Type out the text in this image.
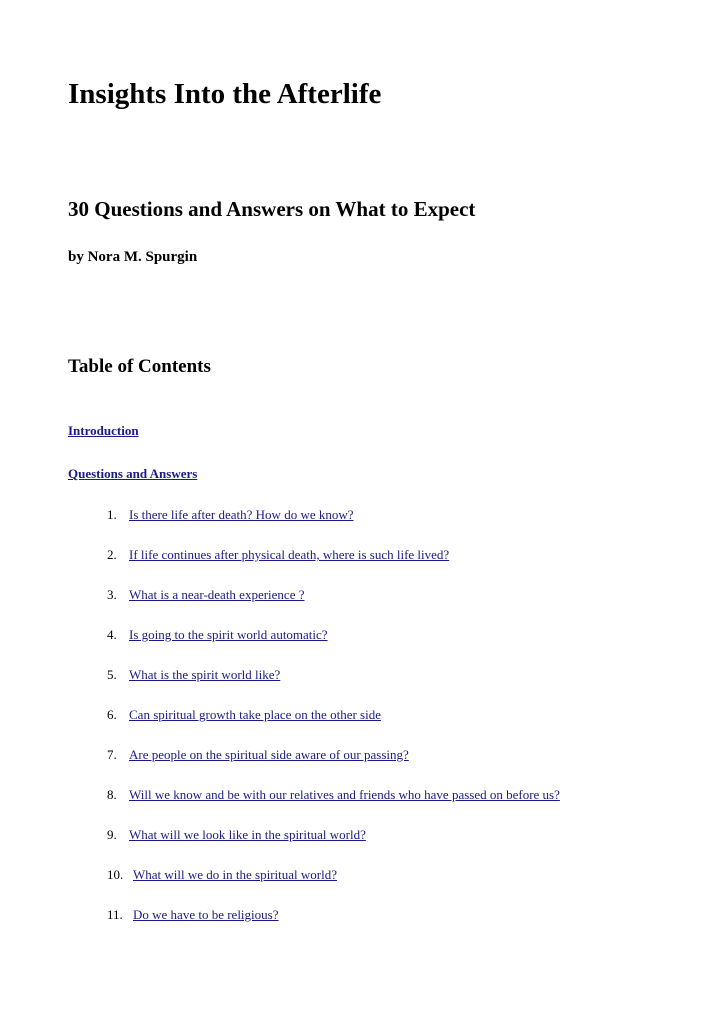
Insights Into the Afterlife
30 Questions and Answers on What to Expect

by Nora M. Spurgin

Table of Contents
Introduction
Questions and Answers
1. Is there life after death? How do we know?
2. If life continues after physical death, where is such life lived?
3. What is a near-death experience ?
4. Is going to the spirit world automatic?
5. What is the spirit world like?
6. Can spiritual growth take place on the other side
7. Are people on the spiritual side aware of our passing?
8. Will we know and be with our relatives and friends who have passed on before us?
9. What will we look like in the spiritual world?
10. What will we do in the spiritual world?
11. Do we have to be religious?
